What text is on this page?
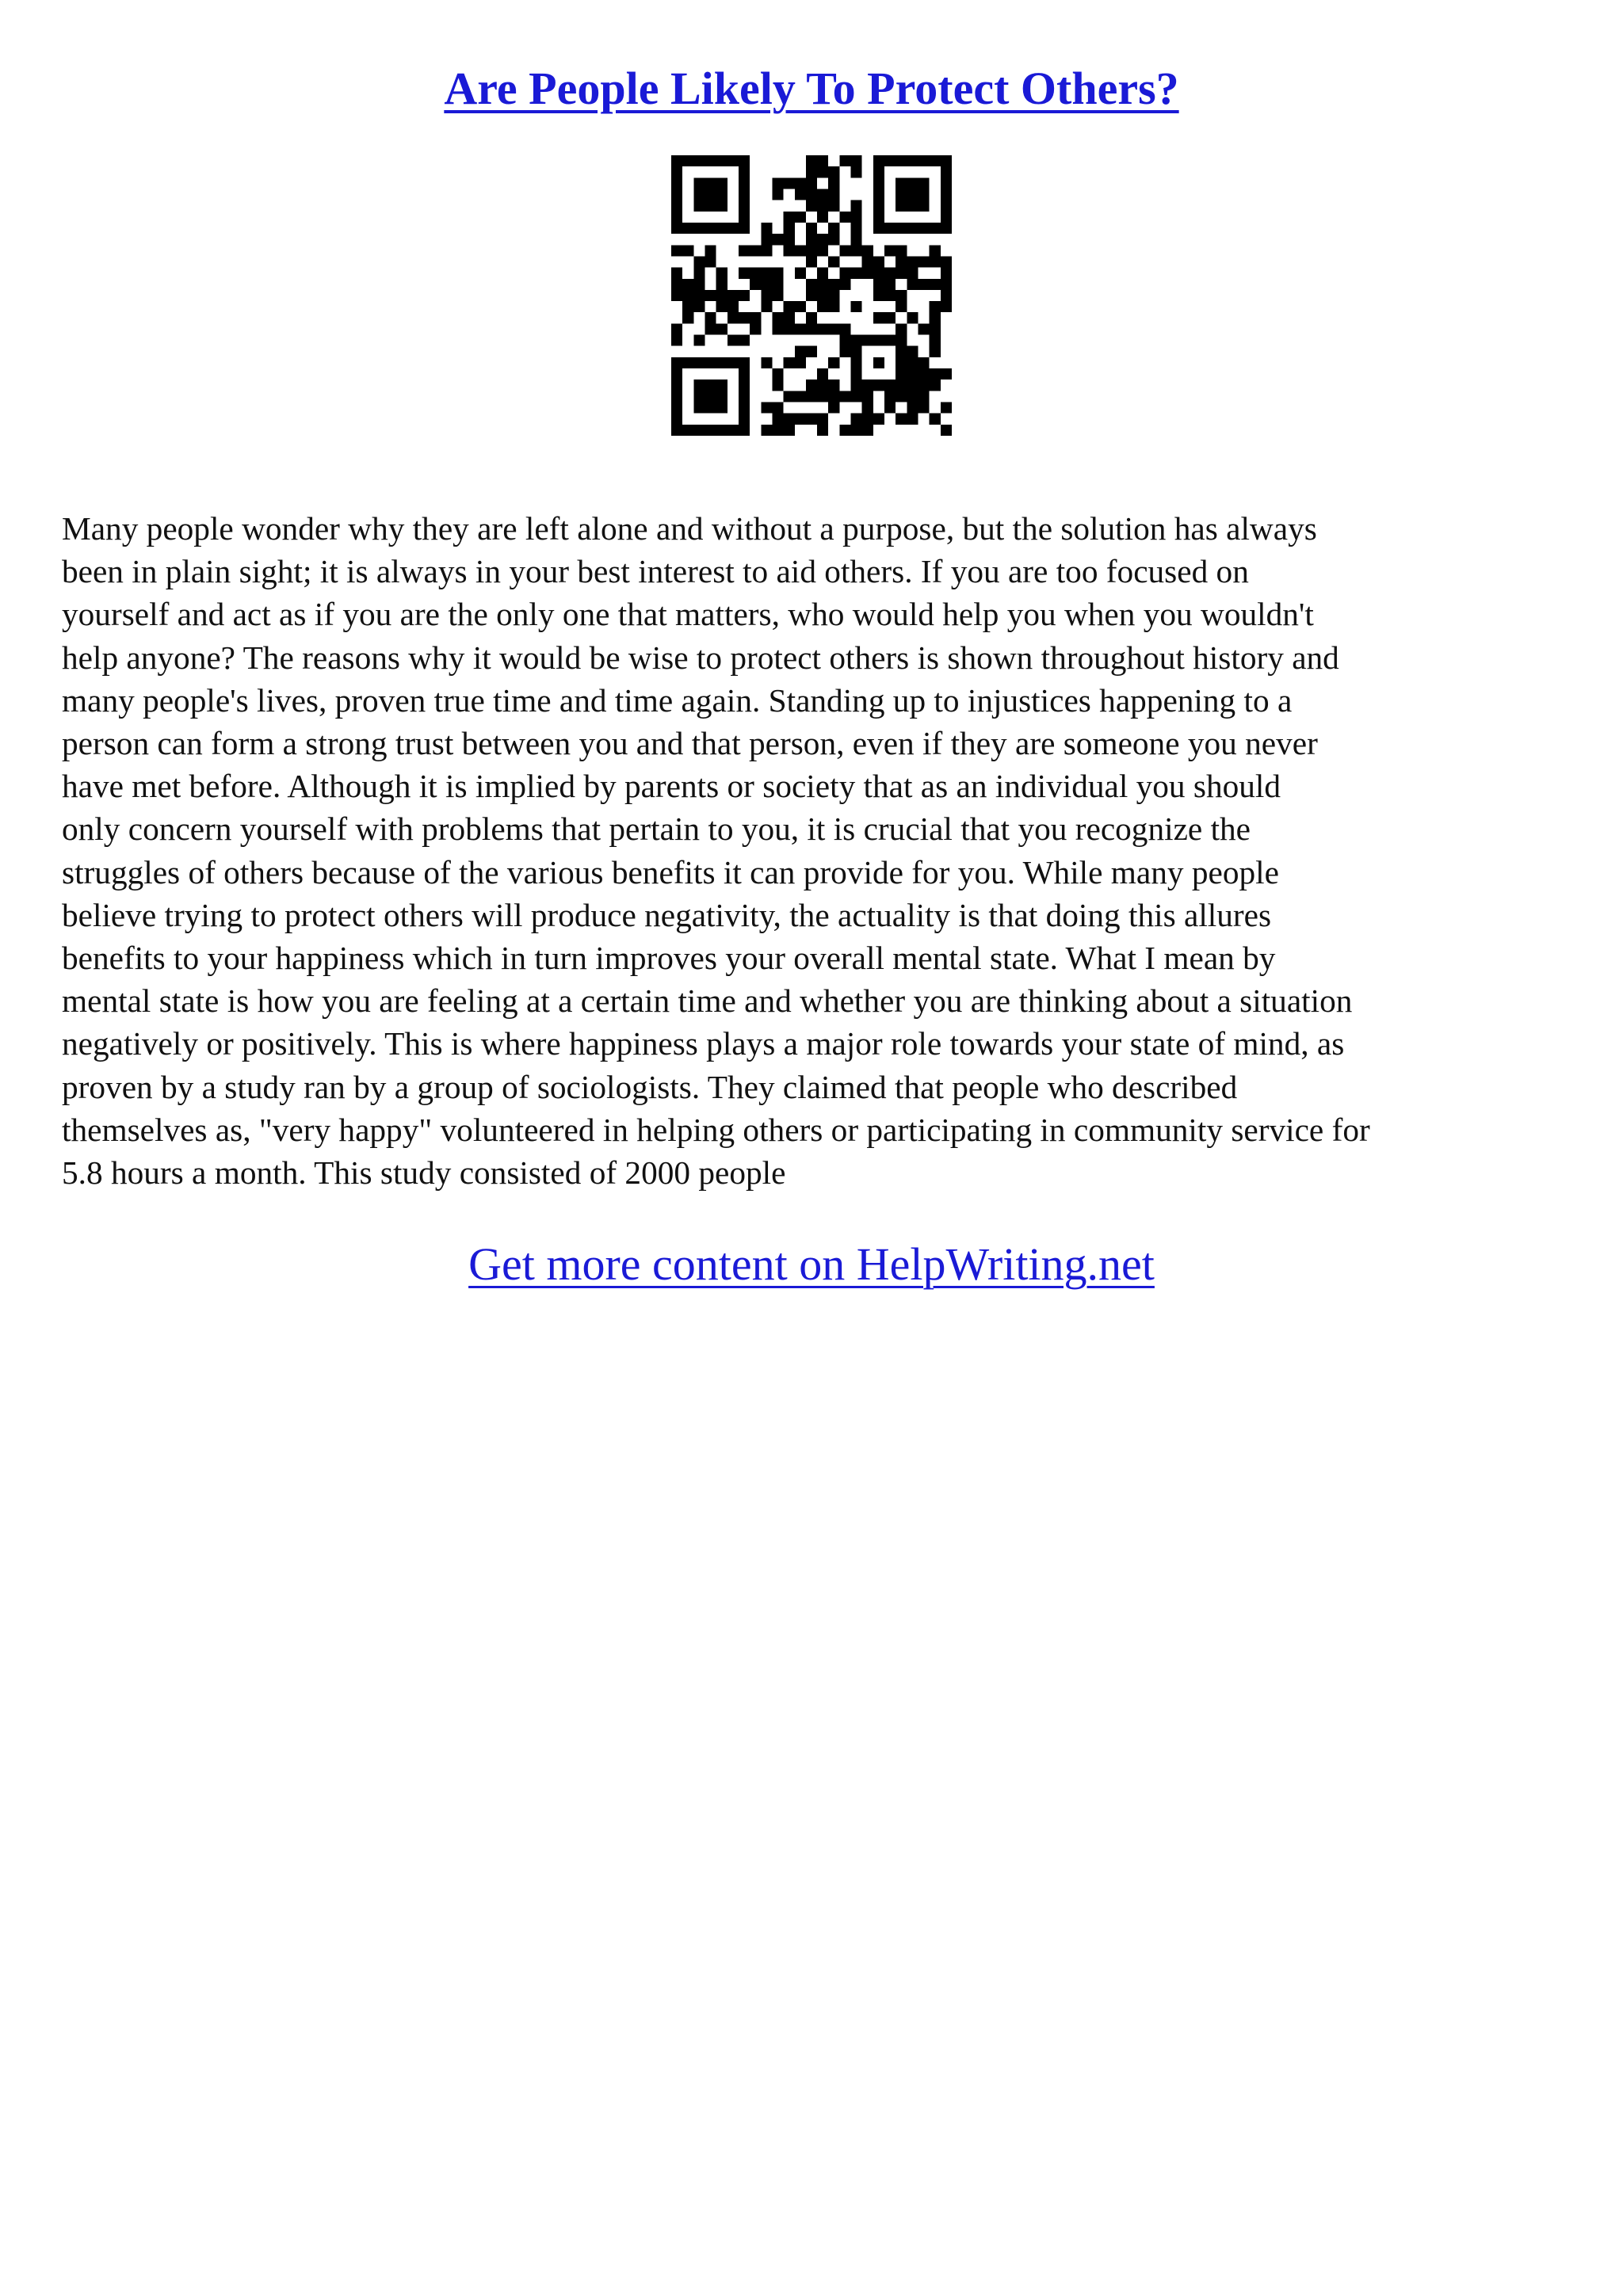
Are People Likely To Protect Others?
Many people wonder why they are left alone and without a purpose, but the solution has always
been in plain sight; it is always in your best interest to aid others. If you are too focused on
yourself and act as if you are the only one that matters, who would help you when you wouldn't
help anyone? The reasons why it would be wise to protect others is shown throughout history and
many people's lives, proven true time and time again. Standing up to injustices happening to a
person can form a strong trust between you and that person, even if they are someone you never
have met before. Although it is implied by parents or society that as an individual you should
only concern yourself with problems that pertain to you, it is crucial that you recognize the
struggles of others because of the various benefits it can provide for you. While many people
believe trying to protect others will produce negativity, the actuality is that doing this allures
benefits to your happiness which in turn improves your overall mental state. What I mean by
mental state is how you are feeling at a certain time and whether you are thinking about a situation
negatively or positively. This is where happiness plays a major role towards your state of mind, as
proven by a study ran by a group of sociologists. They claimed that people who described
themselves as, "very happy" volunteered in helping others or participating in community service for
5.8 hours a month. This study consisted of 2000 people

Get more content on HelpWriting.net
